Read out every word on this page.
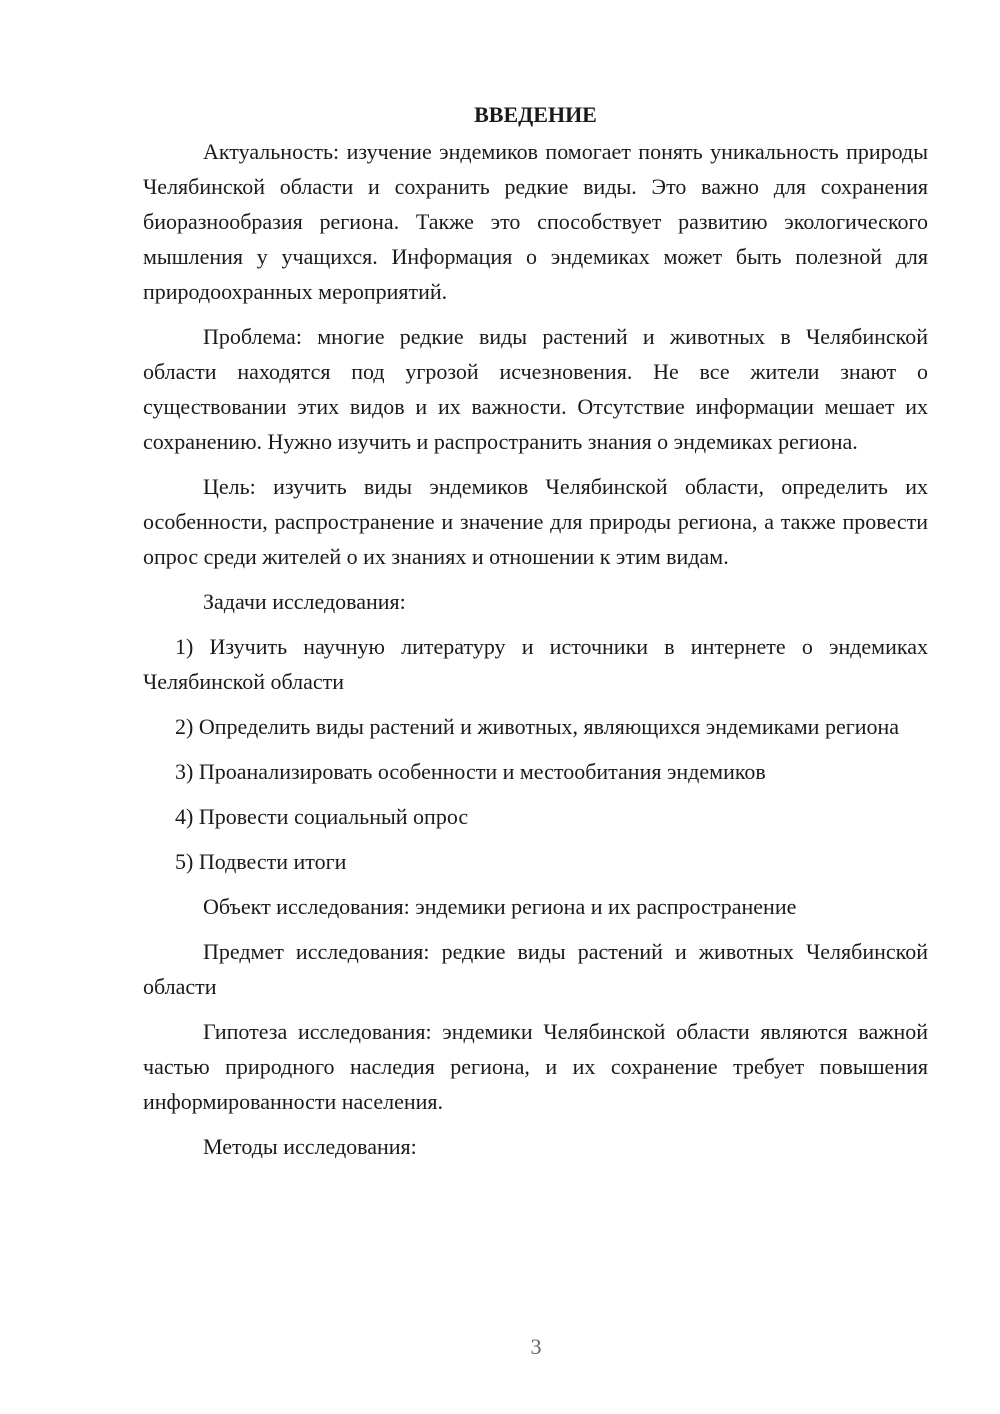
ВВЕДЕНИЕ

Актуальность: изучение эндемиков помогает понять уникальность природы Челябинской области и сохранить редкие виды. Это важно для сохранения биоразнообразия региона. Также это способствует развитию экологического мышления у учащихся. Информация о эндемиках может быть полезной для природоохранных мероприятий.

Проблема: многие редкие виды растений и животных в Челябинской области находятся под угрозой исчезновения. Не все жители знают о существовании этих видов и их важности. Отсутствие информации мешает их сохранению. Нужно изучить и распространить знания о эндемиках региона.

Цель: изучить виды эндемиков Челябинской области, определить их особенности, распространение и значение для природы региона, а также провести опрос среди жителей о их знаниях и отношении к этим видам.

Задачи исследования:

1) Изучить научную литературу и источники в интернете о эндемиках Челябинской области

2) Определить виды растений и животных, являющихся эндемиками региона

3) Проанализировать особенности и местообитания эндемиков

4) Провести социальный опрос

5) Подвести итоги

Объект исследования: эндемики региона и их распространение

Предмет исследования: редкие виды растений и животных Челябинской области

Гипотеза исследования: эндемики Челябинской области являются важной частью природного наследия региона, и их сохранение требует повышения информированности населения.

Методы исследования:

3
